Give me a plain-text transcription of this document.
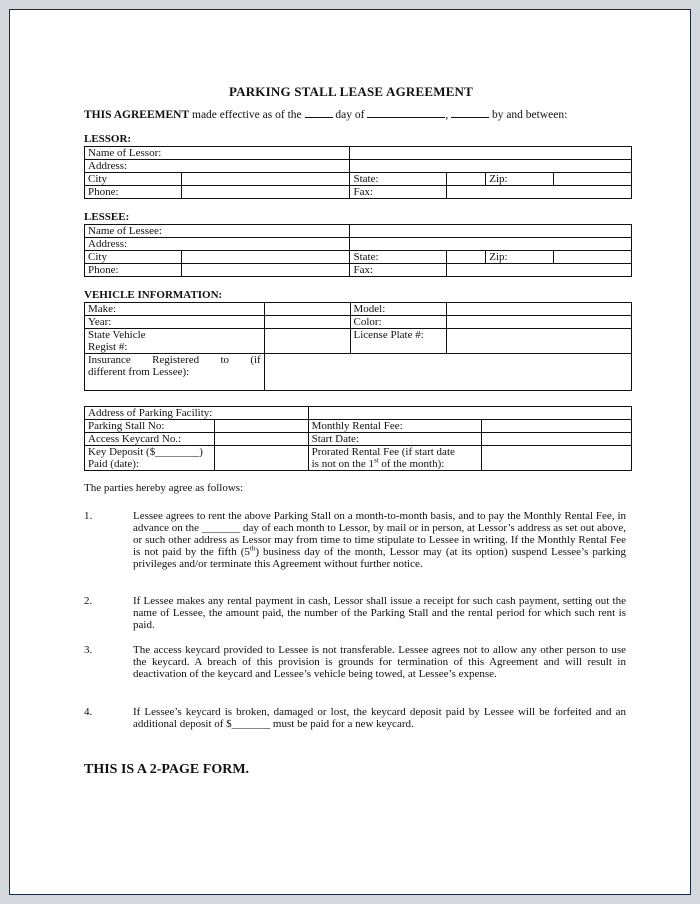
PARKING STALL LEASE AGREEMENT
THIS AGREEMENT made effective as of the  day of	,	by and between:
LESSOR:
Name of Lessor:					
Address:					
City		State:		Zip:	
Phone:		Fax:			
LESSEE:
Name of Lessee:					
Address:					
City		State:		Zip:	
Phone:		Fax:			
VEHICLE INFORMATION:
Make:		Model:	
Year:		Color:	
State Vehicle
Regist #:		License Plate #:	

Insurance Registered to (if
different from Lessee):			
Address of Parking Facility:			
Parking Stall No:		Monthly Rental Fee:	
Access Keycard No.:		Start Date:	
Key Deposit ($________)
Paid (date):		Prorated Rental Fee (if start date
is not on the 1st of the month):	
The parties hereby agree as follows:
1.	Lessee agrees to rent the above Parking Stall on a month-to-month basis, and to pay the Monthly Rental Fee, in advance on the _______ day of each month to Lessor, by mail or in person, at Lessor’s address as set out above, or such other address as Lessor may from time to time stipulate to Lessee in writing. If the Monthly Rental Fee is not paid by the fifth (5th) business day of the month, Lessor may (at its option) suspend Lessee’s parking privileges and/or terminate this Agreement without further notice.
2.	If Lessee makes any rental payment in cash, Lessor shall issue a receipt for such cash payment, setting out the name of Lessee, the amount paid, the number of the Parking Stall and the rental period for which such rent is paid.
3.	The access keycard provided to Lessee is not transferable. Lessee agrees not to allow any other person to use the keycard. A breach of this provision is grounds for termination of this Agreement and will result in deactivation of the keycard and Lessee’s vehicle being towed, at Lessee’s expense.
4.	If Lessee’s keycard is broken, damaged or lost, the keycard deposit paid by Lessee will be forfeited and an additional deposit of $_______ must be paid for a new keycard.
THIS IS A 2-PAGE FORM.
